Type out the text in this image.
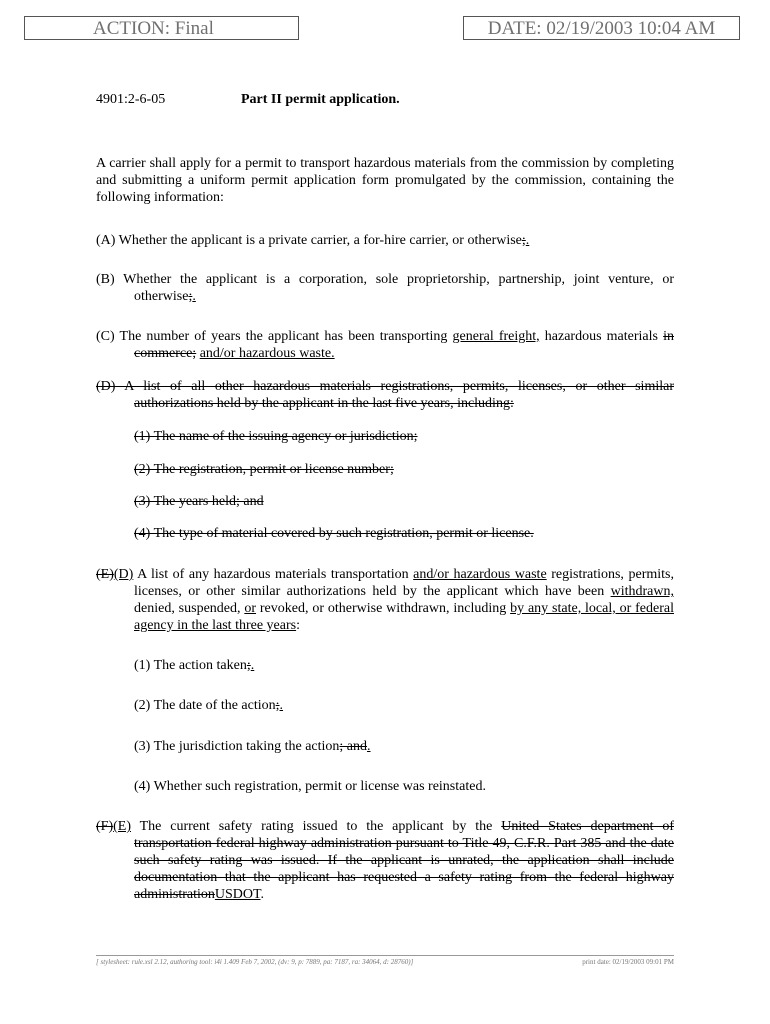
ACTION: Final	DATE: 02/19/2003 10:04 AM
4901:2-6-05	Part II permit application.

A carrier shall apply for a permit to transport hazardous materials from the commission by completing and submitting a uniform permit application form promulgated by the commission, containing the following information:

(A) Whether the applicant is a private carrier, a for-hire carrier, or otherwise;.

(B) Whether the applicant is a corporation, sole proprietorship, partnership, joint venture, or otherwise;.

(C) The number of years the applicant has been transporting general freight, hazardous materials in commerce; and/or hazardous waste.

(D) A list of all other hazardous materials registrations, permits, licenses, or other similar authorizations held by the applicant in the last five years, including:

(1) The name of the issuing agency or jurisdiction;

(2) The registration, permit or license number;

(3) The years held; and

(4) The type of material covered by such registration, permit or license.

(E)(D) A list of any hazardous materials transportation and/or hazardous waste registrations, permits, licenses, or other similar authorizations held by the applicant which have been withdrawn, denied, suspended, or revoked, or otherwise withdrawn, including by any state, local, or federal agency in the last three years:

(1) The action taken;.

(2) The date of the action;.

(3) The jurisdiction taking the action; and.

(4) Whether such registration, permit or license was reinstated.

(F)(E) The current safety rating issued to the applicant by the United States department of transportation federal highway administration pursuant to Title 49, C.F.R. Part 385 and the date such safety rating was issued. If the applicant is unrated, the application shall include documentation that the applicant has requested a safety rating from the federal highway administrationUSDOT.

[ stylesheet: rule.xsl 2.12, authoring tool: i4i 1.409 Feb 7, 2002, (dv: 9, p: 7889, pa: 7187, ra: 34064, d: 28760)]	print date: 02/19/2003 09:01 PM
